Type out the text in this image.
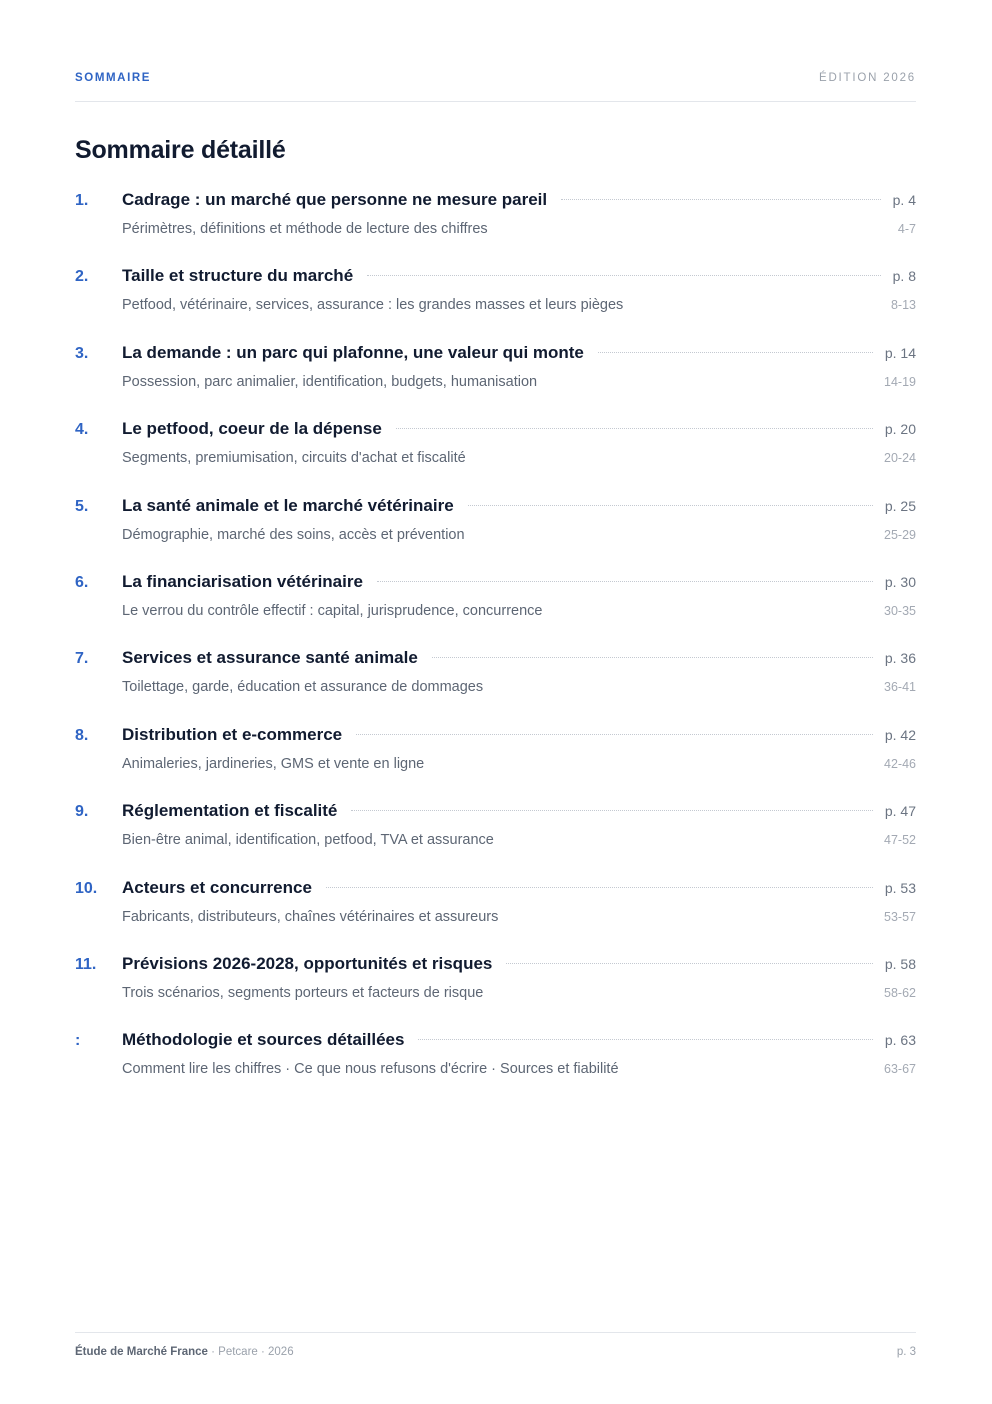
SOMMAIRE	ÉDITION 2026
Sommaire détaillé
1.	Cadrage : un marché que personne ne mesure pareil	p. 4
Périmètres, définitions et méthode de lecture des chiffres	4-7
2.	Taille et structure du marché	p. 8
Petfood, vétérinaire, services, assurance : les grandes masses et leurs pièges	8-13
3.	La demande : un parc qui plafonne, une valeur qui monte	p. 14
Possession, parc animalier, identification, budgets, humanisation	14-19
4.	Le petfood, coeur de la dépense	p. 20
Segments, premiumisation, circuits d'achat et fiscalité	20-24
5.	La santé animale et le marché vétérinaire	p. 25
Démographie, marché des soins, accès et prévention	25-29
6.	La financiarisation vétérinaire	p. 30
Le verrou du contrôle effectif : capital, jurisprudence, concurrence	30-35
7.	Services et assurance santé animale	p. 36
Toilettage, garde, éducation et assurance de dommages	36-41
8.	Distribution et e-commerce	p. 42
Animaleries, jardineries, GMS et vente en ligne	42-46
9.	Réglementation et fiscalité	p. 47
Bien-être animal, identification, petfood, TVA et assurance	47-52
10.	Acteurs et concurrence	p. 53
Fabricants, distributeurs, chaînes vétérinaires et assureurs	53-57
11.	Prévisions 2026-2028, opportunités et risques	p. 58
Trois scénarios, segments porteurs et facteurs de risque	58-62
:	Méthodologie et sources détaillées	p. 63
Comment lire les chiffres · Ce que nous refusons d'écrire · Sources et fiabilité	63-67
Étude de Marché France · Petcare · 2026	p. 3
